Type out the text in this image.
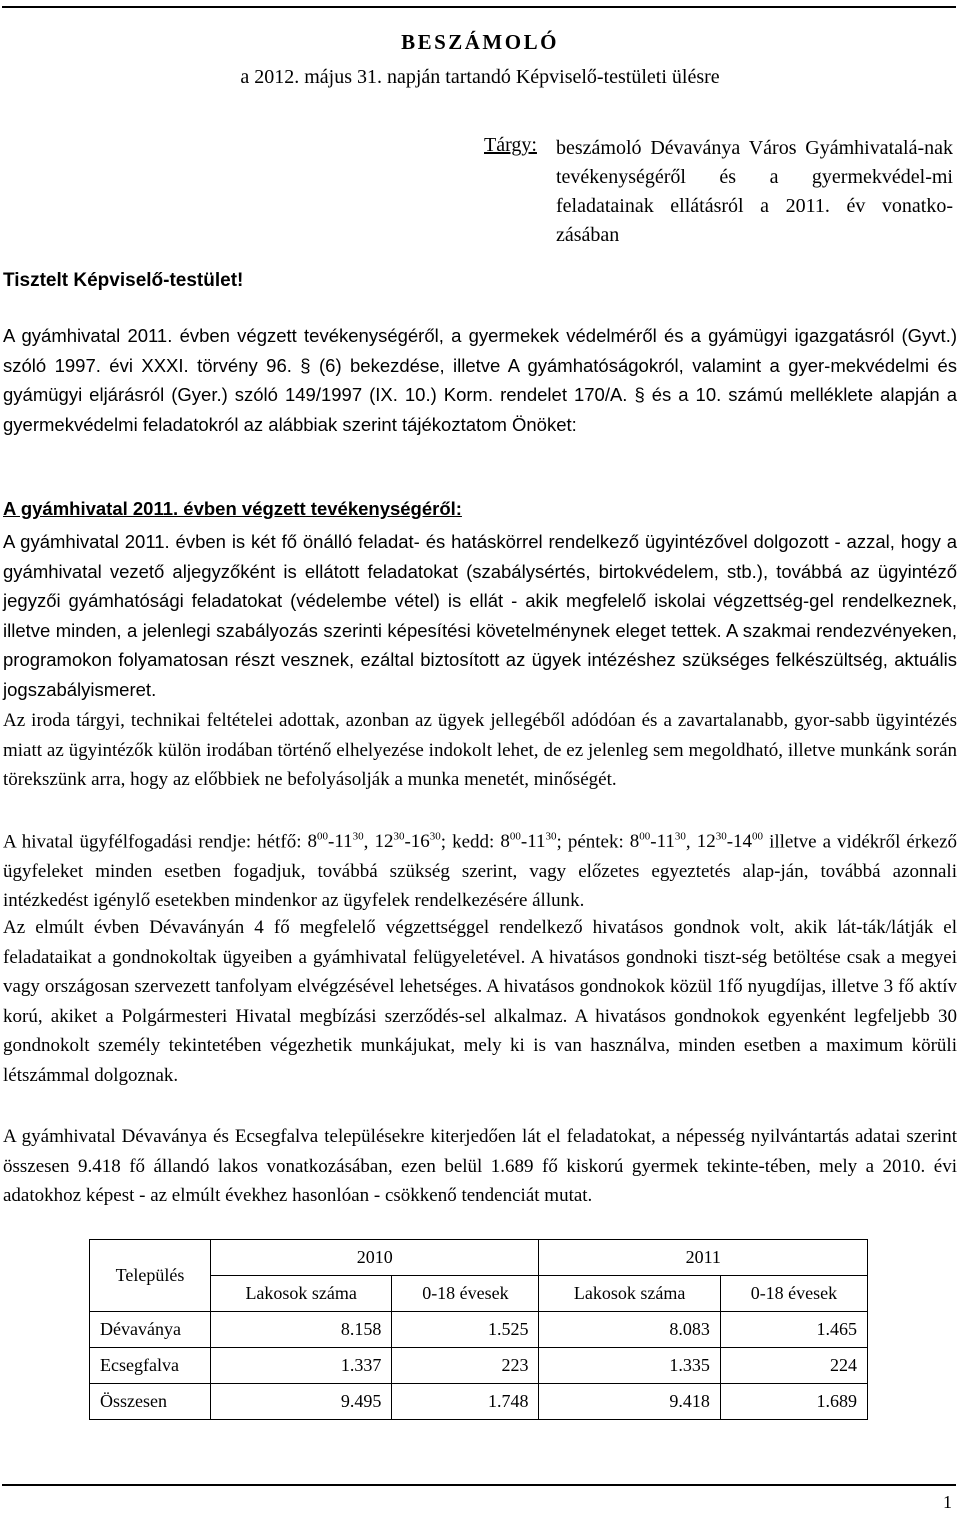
BESZÁMOLÓ
a 2012. május 31. napján tartandó Képviselő-testületi ülésre
Tárgy: beszámoló Dévaványa Város Gyámhivatalá-nak tevékenységéről és a gyermekvédel-mi feladatainak ellátásról a 2011. év vonatko-zásában
Tisztelt Képviselő-testület!
A gyámhivatal 2011. évben végzett tevékenységéről, a gyermekek védelméről és a gyámügyi igazgatásról (Gyvt.) szóló 1997. évi XXXI. törvény 96. § (6) bekezdése, illetve A gyámhatóságokról, valamint a gyer-mekvédelmi és gyámügyi eljárásról (Gyer.) szóló 149/1997 (IX. 10.) Korm. rendelet 170/A. § és a 10. számú melléklete alapján a gyermekvédelmi feladatokról az alábbiak szerint tájékoztatom Önöket:
A gyámhivatal 2011. évben végzett tevékenységéről:
A gyámhivatal 2011. évben is két fő önálló feladat- és hatáskörrel rendelkező ügyintézővel dolgozott - azzal, hogy a gyámhivatal vezető aljegyzőként is ellátott feladatokat (szabálysértés, birtokvédelem, stb.), továbbá az ügyintéző jegyzői gyámhatósági feladatokat (védelembe vétel) is ellát - akik megfelelő iskolai végzettség-gel rendelkeznek, illetve minden, a jelenlegi szabályozás szerinti képesítési követelménynek eleget tettek. A szakmai rendezvényeken, programokon folyamatosan részt vesznek, ezáltal biztosított az ügyek intézéshez szükséges felkészültség, aktuális jogszabályismeret.
Az iroda tárgyi, technikai feltételei adottak, azonban az ügyek jellegéből adódóan és a zavartalanabb, gyor-sabb ügyintézés miatt az ügyintézők külön irodában történő elhelyezése indokolt lehet, de ez jelenleg sem megoldható, illetve munkánk során törekszünk arra, hogy az előbbiek ne befolyásolják a munka menetét, minőségét.
A hivatal ügyfélfogadási rendje: hétfő: $8^{00}-11^{30}$, $12^{30}-16^{30}$; kedd: $8^{00}-11^{30}$; péntek: $8^{00}-11^{30}$, $12^{30}-14^{00}$ illetve a vidékről érkező ügyfeleket minden esetben fogadjuk, továbbá szükség szerint, vagy előzetes egyeztetés alap-ján, továbbá azonnali intézkedést igénylő esetekben mindenkor az ügyfelek rendelkezésére állunk.
Az elmúlt évben Dévaványán 4 fő megfelelő végzettséggel rendelkező hivatásos gondnok volt, akik lát-ták/látják el feladataikat a gondnokoltak ügyeiben a gyámhivatal felügyeletével. A hivatásos gondnoki tiszt-ség betöltése csak a megyei vagy országosan szervezett tanfolyam elvégzésével lehetséges. A hivatásos gondnokok közül 1fő nyugdíjas, illetve 3 fő aktív korú, akiket a Polgármesteri Hivatal megbízási szerződés-sel alkalmaz. A hivatásos gondnokok egyenként legfeljebb 30 gondnokolt személy tekintetében végezhetik munkájukat, mely ki is van használva, minden esetben a maximum körüli létszámmal dolgoznak.
A gyámhivatal Dévaványa és Ecsegfalva településekre kiterjedően lát el feladatokat, a népesség nyilvántartás adatai szerint összesen 9.418 fő állandó lakos vonatkozásában, ezen belül 1.689 fő kiskorú gyermek tekinte-tében, mely a 2010. évi adatokhoz képest - az elmúlt évekhez hasonlóan - csökkenő tendenciát mutat.
Település	2010		2011	
	Lakosok száma	0-18 évesek	Lakosok száma	0-18 évesek
Dévaványa	8.158	1.525	8.083	1.465
Ecsegfalva	1.337	223	1.335	224
Összesen	9.495	1.748	9.418	1.689
1
